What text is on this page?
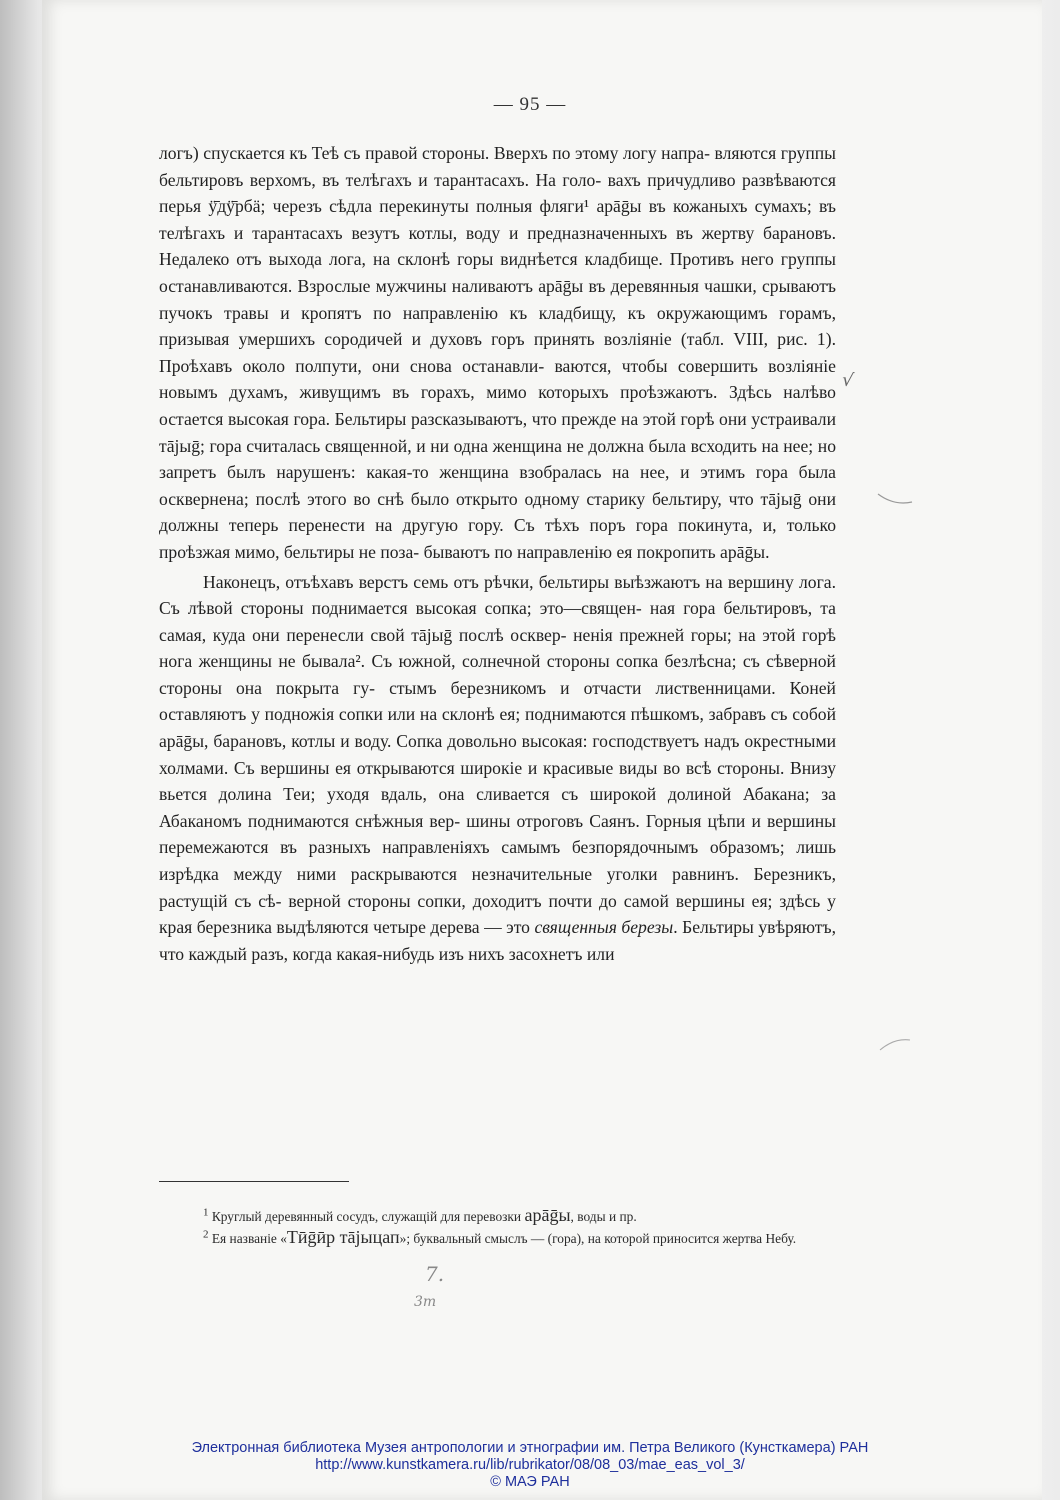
— 95 —

логъ) спускается къ Теѣ съ правой стороны. Вверхъ по этому логу напра- вляются группы бельтировъ верхомъ, въ телѣгахъ и тарантасахъ. На голо- вахъ причудливо развѣваются перья ӱ̄дӱ̄рбä; черезъ сѣдла перекинуты полныя фляги¹ арāḡы въ кожаныхъ сумахъ; въ телѣгахъ и тарантасахъ везутъ котлы, воду и предназначенныхъ въ жертву барановъ. Недалеко отъ выхода лога, на склонѣ горы виднѣется кладбище. Противъ него группы останавливаются. Взрослые мужчины наливаютъ арāḡы въ деревянныя чашки, срываютъ пучокъ травы и кропятъ по направленію къ кладбищу, къ окружающимъ горамъ, призывая умершихъ сородичей и духовъ горъ принять возліяніе (табл. VIII, рис. 1). Проѣхавъ около полпути, они снова останавли- ваются, чтобы совершить возліяніе новымъ духамъ, живущимъ въ горахъ, мимо которыхъ проѣзжаютъ. Здѣсь налѣво остается высокая гора. Бельтиры разсказываютъ, что прежде на этой горѣ они устраивали тāјыḡ; гора считалась священной, и ни одна женщина не должна была всходить на нее; но запретъ былъ нарушенъ: какая-то женщина взобралась на нее, и этимъ гора была осквернена; послѣ этого во снѣ было открыто одному старику бельтиру, что тāјыḡ они должны теперь перенести на другую гору. Съ тѣхъ поръ гора покинута, и, только проѣзжая мимо, бельтиры не поза- бываютъ по направленію ея покропить арāḡы.

Наконецъ, отъѣхавъ верстъ семь отъ рѣчки, бельтиры выѣзжаютъ на вершину лога. Съ лѣвой стороны поднимается высокая сопка; это—священ- ная гора бельтировъ, та самая, куда они перенесли свой тāјыḡ послѣ осквер- ненія прежней горы; на этой горѣ нога женщины не бывала². Съ южной, солнечной стороны сопка безлѣсна; съ сѣверной стороны она покрыта гу- стымъ березникомъ и отчасти лиственницами. Коней оставляютъ у подножія сопки или на склонѣ ея; поднимаются пѣшкомъ, забравъ съ собой арāḡы, барановъ, котлы и воду. Сопка довольно высокая: господствуетъ надъ окрестными холмами. Съ вершины ея открываются широкіе и красивые виды во всѣ стороны. Внизу вьется долина Теи; уходя вдаль, она сливается съ широкой долиной Абакана; за Абаканомъ поднимаются снѣжныя вер- шины отроговъ Саянъ. Горныя цѣпи и вершины перемежаются въ разныхъ направленіяхъ самымъ безпорядочнымъ образомъ; лишь изрѣдка между ними раскрываются незначительные уголки равнинъ. Березникъ, растущій съ сѣ- верной стороны сопки, доходитъ почти до самой вершины ея; здѣсь у края березника выдѣляются четыре дерева — это священныя березы. Бельтиры увѣряютъ, что каждый разъ, когда какая-нибудь изъ нихъ засохнетъ или

$^1$ Круглый деревянный сосудъ, служащій для перевозки арāḡы, воды и пр.

$^2$ Ея названіе «Тӣḡӣр тāјыцап»; буквальный смыслъ — (гора), на которой приносится жертва Небу.

√
7.
3m
Электронная библиотека Музея антропологии и этнографии им. Петра Великого (Кунсткамера) РАН
http://www.kunstkamera.ru/lib/rubrikator/08/08_03/mae_eas_vol_3/
© МАЭ РАН
